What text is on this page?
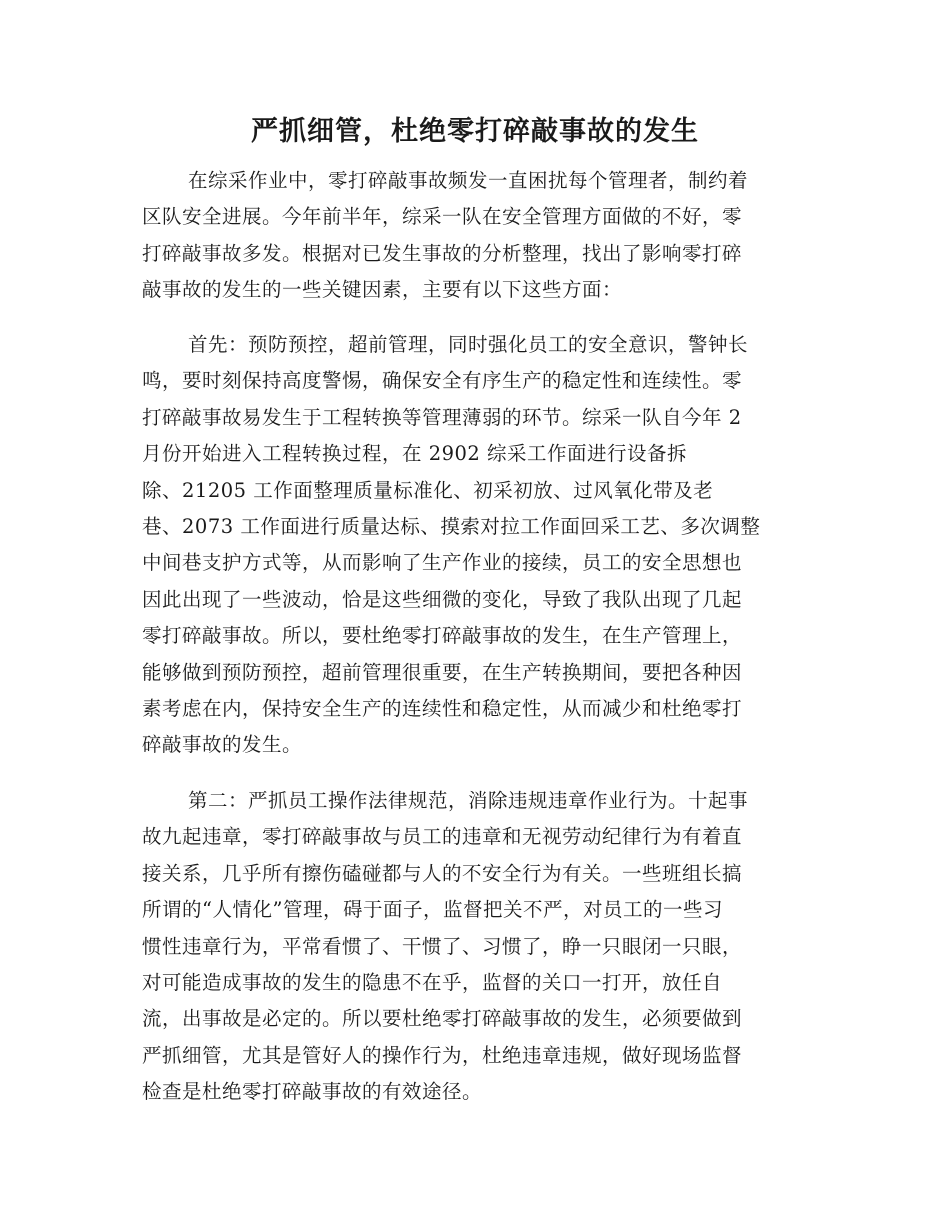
严抓细管，杜绝零打碎敲事故的发生
在综采作业中，零打碎敲事故频发一直困扰每个管理者，制约着
区队安全进展。今年前半年，综采一队在安全管理方面做的不好，零
打碎敲事故多发。根据对已发生事故的分析整理，找出了影响零打碎
敲事故的发生的一些关键因素，主要有以下这些方面：
首先：预防预控，超前管理，同时强化员工的安全意识，警钟长
鸣，要时刻保持高度警惕，确保安全有序生产的稳定性和连续性。零
打碎敲事故易发生于工程转换等管理薄弱的环节。综采一队自今年 2
月份开始进入工程转换过程，在 2902 综采工作面进行设备拆
除、21205 工作面整理质量标准化、初采初放、过风氧化带及老
巷、2073 工作面进行质量达标、摸索对拉工作面回采工艺、多次调整
中间巷支护方式等，从而影响了生产作业的接续，员工的安全思想也
因此出现了一些波动，恰是这些细微的变化，导致了我队出现了几起
零打碎敲事故。所以，要杜绝零打碎敲事故的发生，在生产管理上，
能够做到预防预控，超前管理很重要，在生产转换期间，要把各种因
素考虑在内，保持安全生产的连续性和稳定性，从而减少和杜绝零打
碎敲事故的发生。
第二：严抓员工操作法律规范，消除违规违章作业行为。十起事
故九起违章，零打碎敲事故与员工的违章和无视劳动纪律行为有着直
接关系，几乎所有擦伤磕碰都与人的不安全行为有关。一些班组长搞
所谓的“人情化”管理，碍于面子，监督把关不严，对员工的一些习
惯性违章行为，平常看惯了、干惯了、习惯了，睁一只眼闭一只眼，
对可能造成事故的发生的隐患不在乎，监督的关口一打开，放任自
流，出事故是必定的。所以要杜绝零打碎敲事故的发生，必须要做到
严抓细管，尤其是管好人的操作行为，杜绝违章违规，做好现场监督
检查是杜绝零打碎敲事故的有效途径。
